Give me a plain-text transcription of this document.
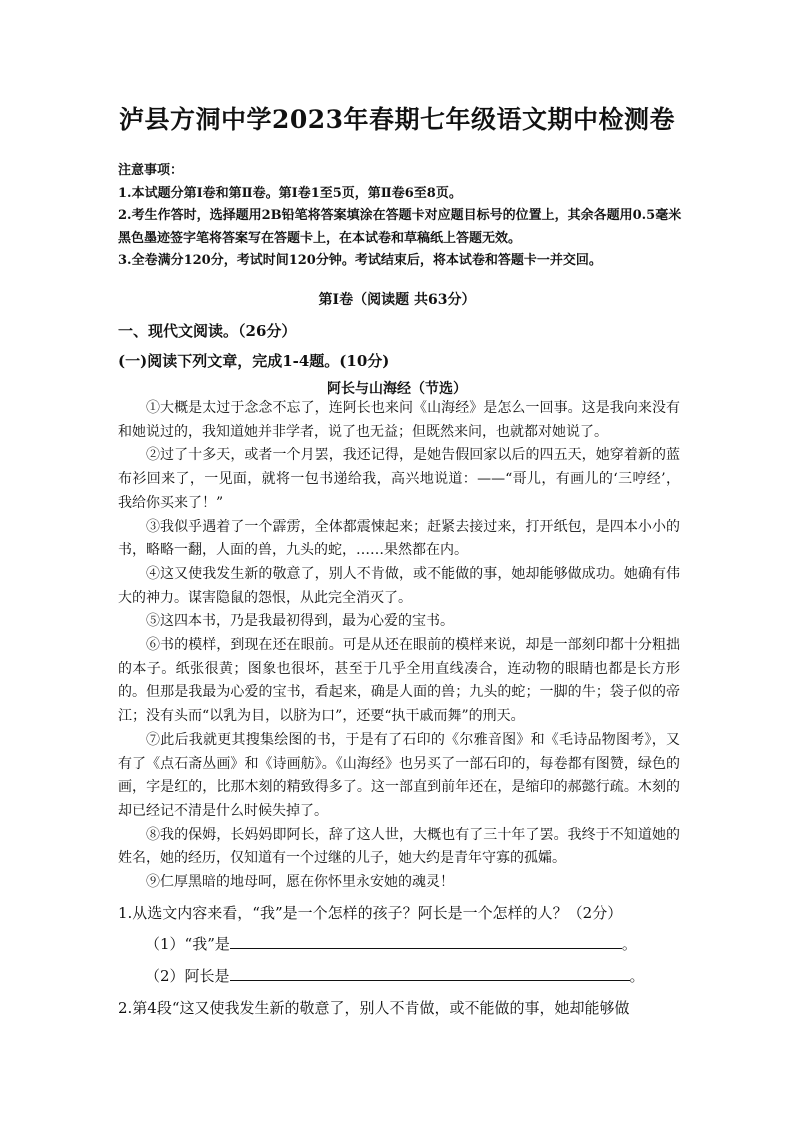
泸县方洞中学2023年春期七年级语文期中检测卷

注意事项：

1.本试题分第Ⅰ卷和第Ⅱ卷。第Ⅰ卷1至5页，第Ⅱ卷6至8页。

2.考生作答时，选择题用2B铅笔将答案填涂在答题卡对应题目标号的位置上，其余各题用0.5毫米黑色墨迹签字笔将答案写在答题卡上，在本试卷和草稿纸上答题无效。

3.全卷满分120分，考试时间120分钟。考试结束后，将本试卷和答题卡一并交回。

第Ⅰ卷（阅读题 共63分）
一、现代文阅读。（26分）
(一)阅读下列文章，完成1-4题。(10分)
阿长与山海经（节选）

①大概是太过于念念不忘了，连阿长也来问《山海经》是怎么一回事。这是我向来没有和她说过的，我知道她并非学者，说了也无益；但既然来问，也就都对她说了。

②过了十多天，或者一个月罢，我还记得，是她告假回家以后的四五天，她穿着新的蓝布衫回来了，一见面，就将一包书递给我，高兴地说道：——“哥儿，有画儿的‘三哼经’，我给你买来了！”

③我似乎遇着了一个霹雳，全体都震悚起来；赶紧去接过来，打开纸包，是四本小小的书，略略一翻，人面的兽，九头的蛇，……果然都在内。

④这又使我发生新的敬意了，别人不肯做，或不能做的事，她却能够做成功。她确有伟大的神力。谋害隐鼠的怨恨，从此完全消灭了。

⑤这四本书，乃是我最初得到，最为心爱的宝书。

⑥书的模样，到现在还在眼前。可是从还在眼前的模样来说，却是一部刻印都十分粗拙的本子。纸张很黄；图象也很坏，甚至于几乎全用直线凑合，连动物的眼睛也都是长方形的。但那是我最为心爱的宝书，看起来，确是人面的兽；九头的蛇；一脚的牛；袋子似的帝江；没有头而“以乳为目，以脐为口”，还要“执干戚而舞”的刑天。

⑦此后我就更其搜集绘图的书，于是有了石印的《尔雅音图》和《毛诗品物图考》，又有了《点石斋丛画》和《诗画舫》。《山海经》也另买了一部石印的，每卷都有图赞，绿色的画，字是红的，比那木刻的精致得多了。这一部直到前年还在，是缩印的郝懿行疏。木刻的却已经记不清是什么时候失掉了。

⑧我的保姆，长妈妈即阿长，辞了这人世，大概也有了三十年了罢。我终于不知道她的姓名，她的经历，仅知道有一个过继的儿子，她大约是青年守寡的孤孀。

⑨仁厚黑暗的地母呵，愿在你怀里永安她的魂灵！

1.从选文内容来看，“我”是一个怎样的孩子？阿长是一个怎样的人？（2分）
（1）“我”是	。
（2）阿长是	。
2.第4段“这又使我发生新的敬意了，别人不肯做，或不能做的事，她却能够做
